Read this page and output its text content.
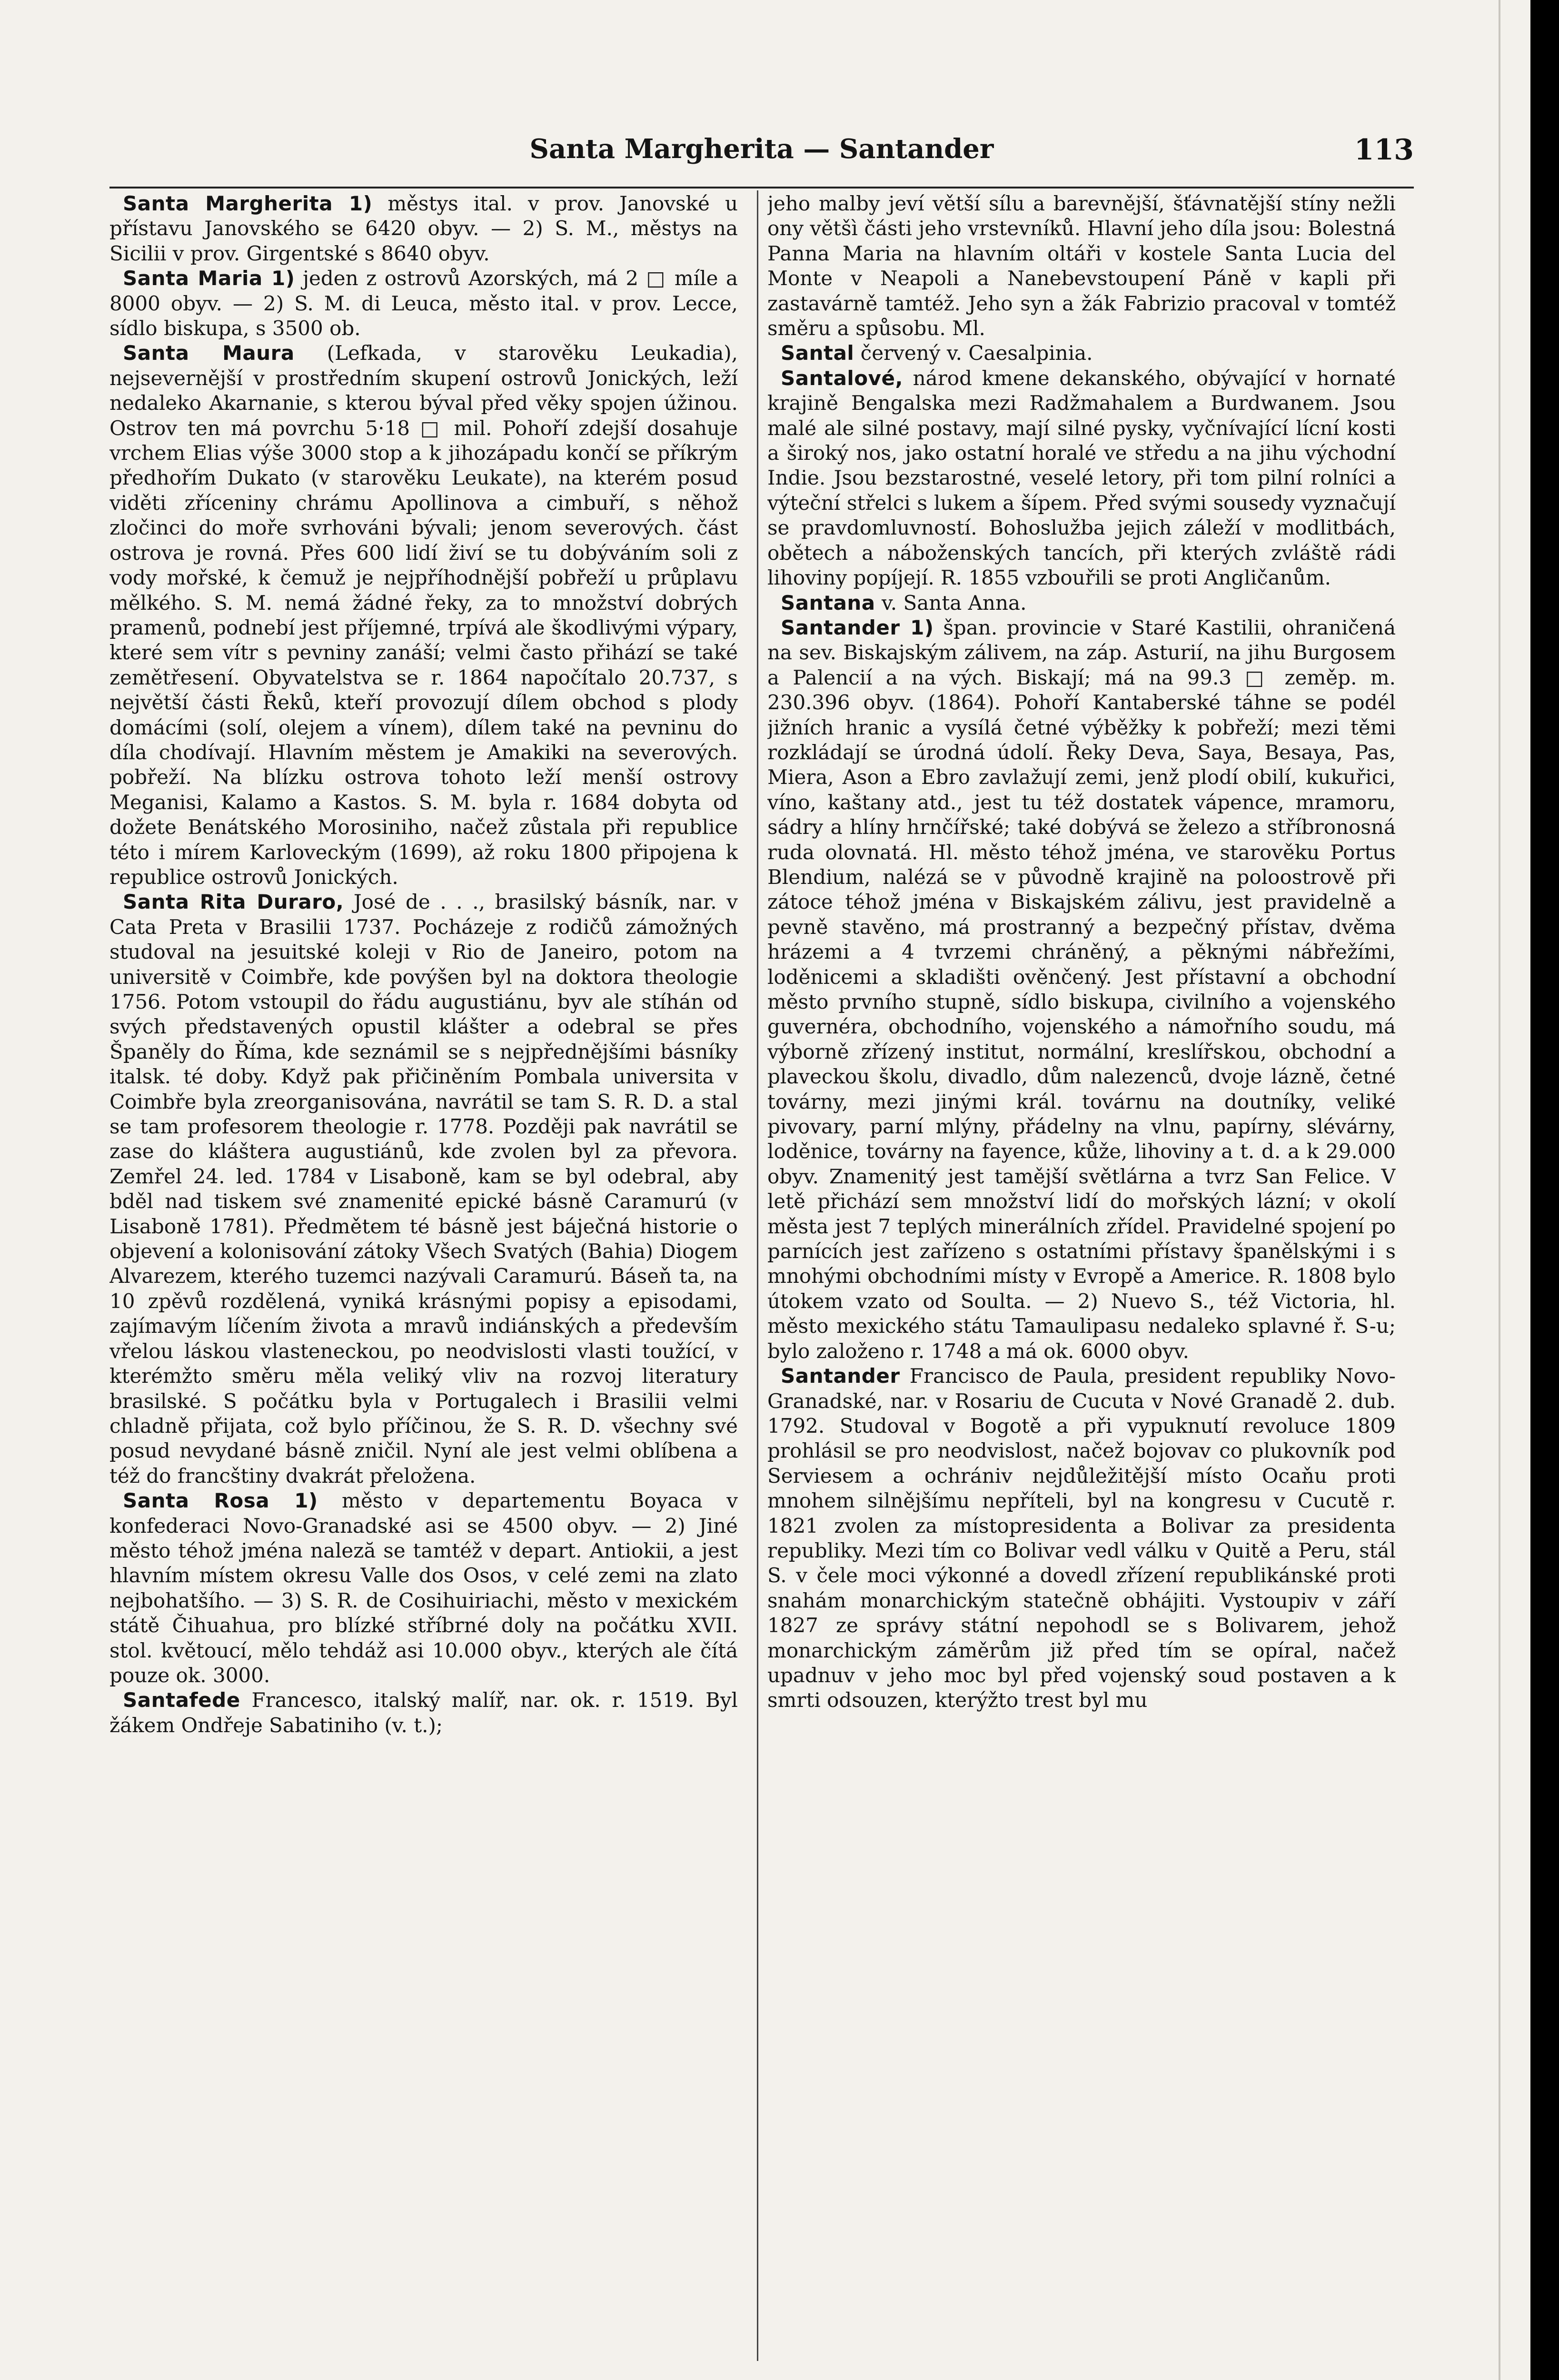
Santa Margherita — Santander	113

Santa Margherita 1) městys ital. v prov. Janovské u přístavu Janovského se 6420 obyv. — 2) S. M., městys na Sicilii v prov. Girgentské s 8640 obyv.

Santa Maria 1) jeden z ostrovů Azorských, má 2 □ míle a 8000 obyv. — 2) S. M. di Leuca, město ital. v prov. Lecce, sídlo biskupa, s 3500 ob.

Santa Maura (Lefkada, v starověku Leukadia), nejsevernější v prostředním skupení ostrovů Jonických, leží nedaleko Akarnanie, s kterou býval před věky spojen úžinou. Ostrov ten má povrchu 5·18 □ mil. Pohoří zdejší dosahuje vrchem Elias výše 3000 stop a k jihozápadu končí se příkrým předhořím Dukato (v starověku Leukate), na kterém posud viděti zříceniny chrámu Apollinova a cimbuří, s něhož zločinci do moře svrhováni bývali; jenom severových. část ostrova je rovná. Přes 600 lidí živí se tu dobýváním soli z vody mořské, k čemuž je nejpříhodnější pobřeží u průplavu mělkého. S. M. nemá žádné řeky, za to množství dobrých pramenů, podnebí jest příjemné, trpívá ale škodlivými výpary, které sem vítr s pevniny zanáší; velmi často přihází se také zemětřesení. Obyvatelstva se r. 1864 napočítalo 20.737, s největší části Řeků, kteří provozují dílem obchod s plody domácími (solí, olejem a vínem), dílem také na pevninu do díla chodívají. Hlavním městem je Amakiki na severových. pobřeží. Na blízku ostrova tohoto leží menší ostrovy Meganisi, Kalamo a Kastos. S. M. byla r. 1684 dobyta od dožete Benátského Morosiniho, načež zůstala při republice této i mírem Karloveckým (1699), až roku 1800 připojena k republice ostrovů Jonických.

Santa Rita Duraro, José de . . ., brasilský básník, nar. v Cata Preta v Brasilii 1737. Pocházeje z rodičů zámožných studoval na jesuitské koleji v Rio de Janeiro, potom na universitě v Coimbře, kde povýšen byl na doktora theologie 1756. Potom vstoupil do řádu augustiánu, byv ale stíhán od svých představených opustil klášter a odebral se přes Španěly do Říma, kde seznámil se s nejpřednějšími básníky italsk. té doby. Když pak přičiněním Pombala universita v Coimbře byla zreorganisována, navrátil se tam S. R. D. a stal se tam profesorem theologie r. 1778. Později pak navrátil se zase do kláštera augustiánů, kde zvolen byl za převora. Zemřel 24. led. 1784 v Lisaboně, kam se byl odebral, aby bděl nad tiskem své znamenité epické básně Caramurú (v Lisaboně 1781). Předmětem té básně jest báječná historie o objevení a kolonisování zátoky Všech Svatých (Bahia) Diogem Alvarezem, kterého tuzemci nazývali Caramurú. Báseň ta, na 10 zpěvů rozdělená, vyniká krásnými popisy a episodami, zajímavým líčením života a mravů indiánských a především vřelou láskou vlasteneckou, po neodvislosti vlasti toužící, v kterémžto směru měla veliký vliv na rozvoj literatury brasilské. S počátku byla v Portugalech i Brasilii velmi chladně přijata, což bylo příčinou, že S. R. D. všechny své posud nevydané básně zničil. Nyní ale jest velmi oblíbena a též do francštiny dvakrát přeložena.

Santa Rosa 1) město v departementu Boyaca v konfederaci Novo-Granadské asi se 4500 obyv. — 2) Jiné město téhož jména naleză se tamtéž v depart. Antiokii, a jest hlavním místem okresu Valle dos Osos, v celé zemi na zlato nejbohatšího. — 3) S. R. de Cosihuiriachi, město v mexickém státě Čihuahua, pro blízké stříbrné doly na počátku XVII. stol. květoucí, mělo tehdáž asi 10.000 obyv., kterých ale čítá pouze ok. 3000.

Santafede Francesco, italský malíř, nar. ok. r. 1519. Byl žákem Ondřeje Sabatiniho (v. t.);

jeho malby jeví větší sílu a barevnější, šťávnatější stíny nežli ony většì části jeho vrstevníků. Hlavní jeho díla jsou: Bolestná Panna Maria na hlavním oltáři v kostele Santa Lucia del Monte v Neapoli a Nanebevstoupení Páně v kapli při zastavárně tamtéž. Jeho syn a žák Fabrizio pracoval v tomtéž směru a spůsobu. Ml.

Santal červený v. Caesalpinia.

Santalové, národ kmene dekanského, obývající v hornaté krajině Bengalska mezi Radžmahalem a Burdwanem. Jsou malé ale silné postavy, mají silné pysky, vyčnívající lícní kosti a široký nos, jako ostatní horalé ve středu a na jihu východní Indie. Jsou bezstarostné, veselé letory, při tom pilní rolníci a výteční střelci s lukem a šípem. Před svými sousedy vyznačují se pravdomluvností. Bohoslužba jejich záleží v modlitbách, obětech a náboženských tancích, při kterých zvláště rádi lihoviny popíjejí. R. 1855 vzbouřili se proti Angličanům.

Santana v. Santa Anna.

Santander 1) špan. provincie v Staré Kastilii, ohraničená na sev. Biskajským zálivem, na záp. Asturií, na jihu Burgosem a Palencií a na vých. Biskají; má na 99.3 □ zeměp. m. 230.396 obyv. (1864). Pohoří Kantaberské táhne se podél jižních hranic a vysílá četné výběžky k pobřeží; mezi těmi rozkládají se úrodná údolí. Řeky Deva, Saya, Besaya, Pas, Miera, Ason a Ebro zavlažují zemi, jenž plodí obilí, kukuřici, víno, kaštany atd., jest tu též dostatek vápence, mramoru, sádry a hlíny hrnčířské; také dobývá se železo a stříbronosná ruda olovnatá. Hl. město téhož jména, ve starověku Portus Blendium, nalézá se v původně krajině na poloostrově při zátoce téhož jména v Biskajském zálivu, jest pravidelně a pevně stavěno, má prostranný a bezpečný přístav, dvěma hrázemi a 4 tvrzemi chráněný, a pěknými nábřežími, loděnicemi a skladišti ověnčený. Jest přístavní a obchodní město prvního stupně, sídlo biskupa, civilního a vojenského guvernéra, obchodního, vojenského a námořního soudu, má výborně zřízený institut, normální, kreslířskou, obchodní a plaveckou školu, divadlo, dům nalezenců, dvoje lázně, četné továrny, mezi jinými král. továrnu na doutníky, veliké pivovary, parní mlýny, přádelny na vlnu, papírny, slévárny, loděnice, továrny na fayence, kůže, lihoviny a t. d. a k 29.000 obyv. Znamenitý jest tamější světlárna a tvrz San Felice. V letě přichází sem množství lidí do mořských lázní; v okolí města jest 7 teplých minerálních zřídel. Pravidelné spojení po parnících jest zařízeno s ostatními přístavy španělskými i s mnohými obchodními místy v Evropě a Americe. R. 1808 bylo útokem vzato od Soulta. — 2) Nuevo S., též Victoria, hl. město mexického státu Tamaulipasu nedaleko splavné ř. S-u; bylo založeno r. 1748 a má ok. 6000 obyv.

Santander Francisco de Paula, president republiky Novo-Granadské, nar. v Rosariu de Cucuta v Nové Granadě 2. dub. 1792. Studoval v Bogotě a při vypuknutí revoluce 1809 prohlásil se pro neodvislost, načež bojovav co plukovník pod Serviesem a ochrániv nejdůležitější místo Ocaňu proti mnohem silnějšímu nepříteli, byl na kongresu v Cucutě r. 1821 zvolen za místopresidenta a Bolivar za presidenta republiky. Mezi tím co Bolivar vedl válku v Quitě a Peru, stál S. v čele moci výkonné a dovedl zřízení republikánské proti snahám monarchickým statečně obhájiti. Vystoupiv v září 1827 ze správy státní nepohodl se s Bolivarem, jehož monarchickým záměrům již před tím se opíral, načež upadnuv v jeho moc byl před vojenský soud postaven a k smrti odsouzen, kterýžto trest byl mu
